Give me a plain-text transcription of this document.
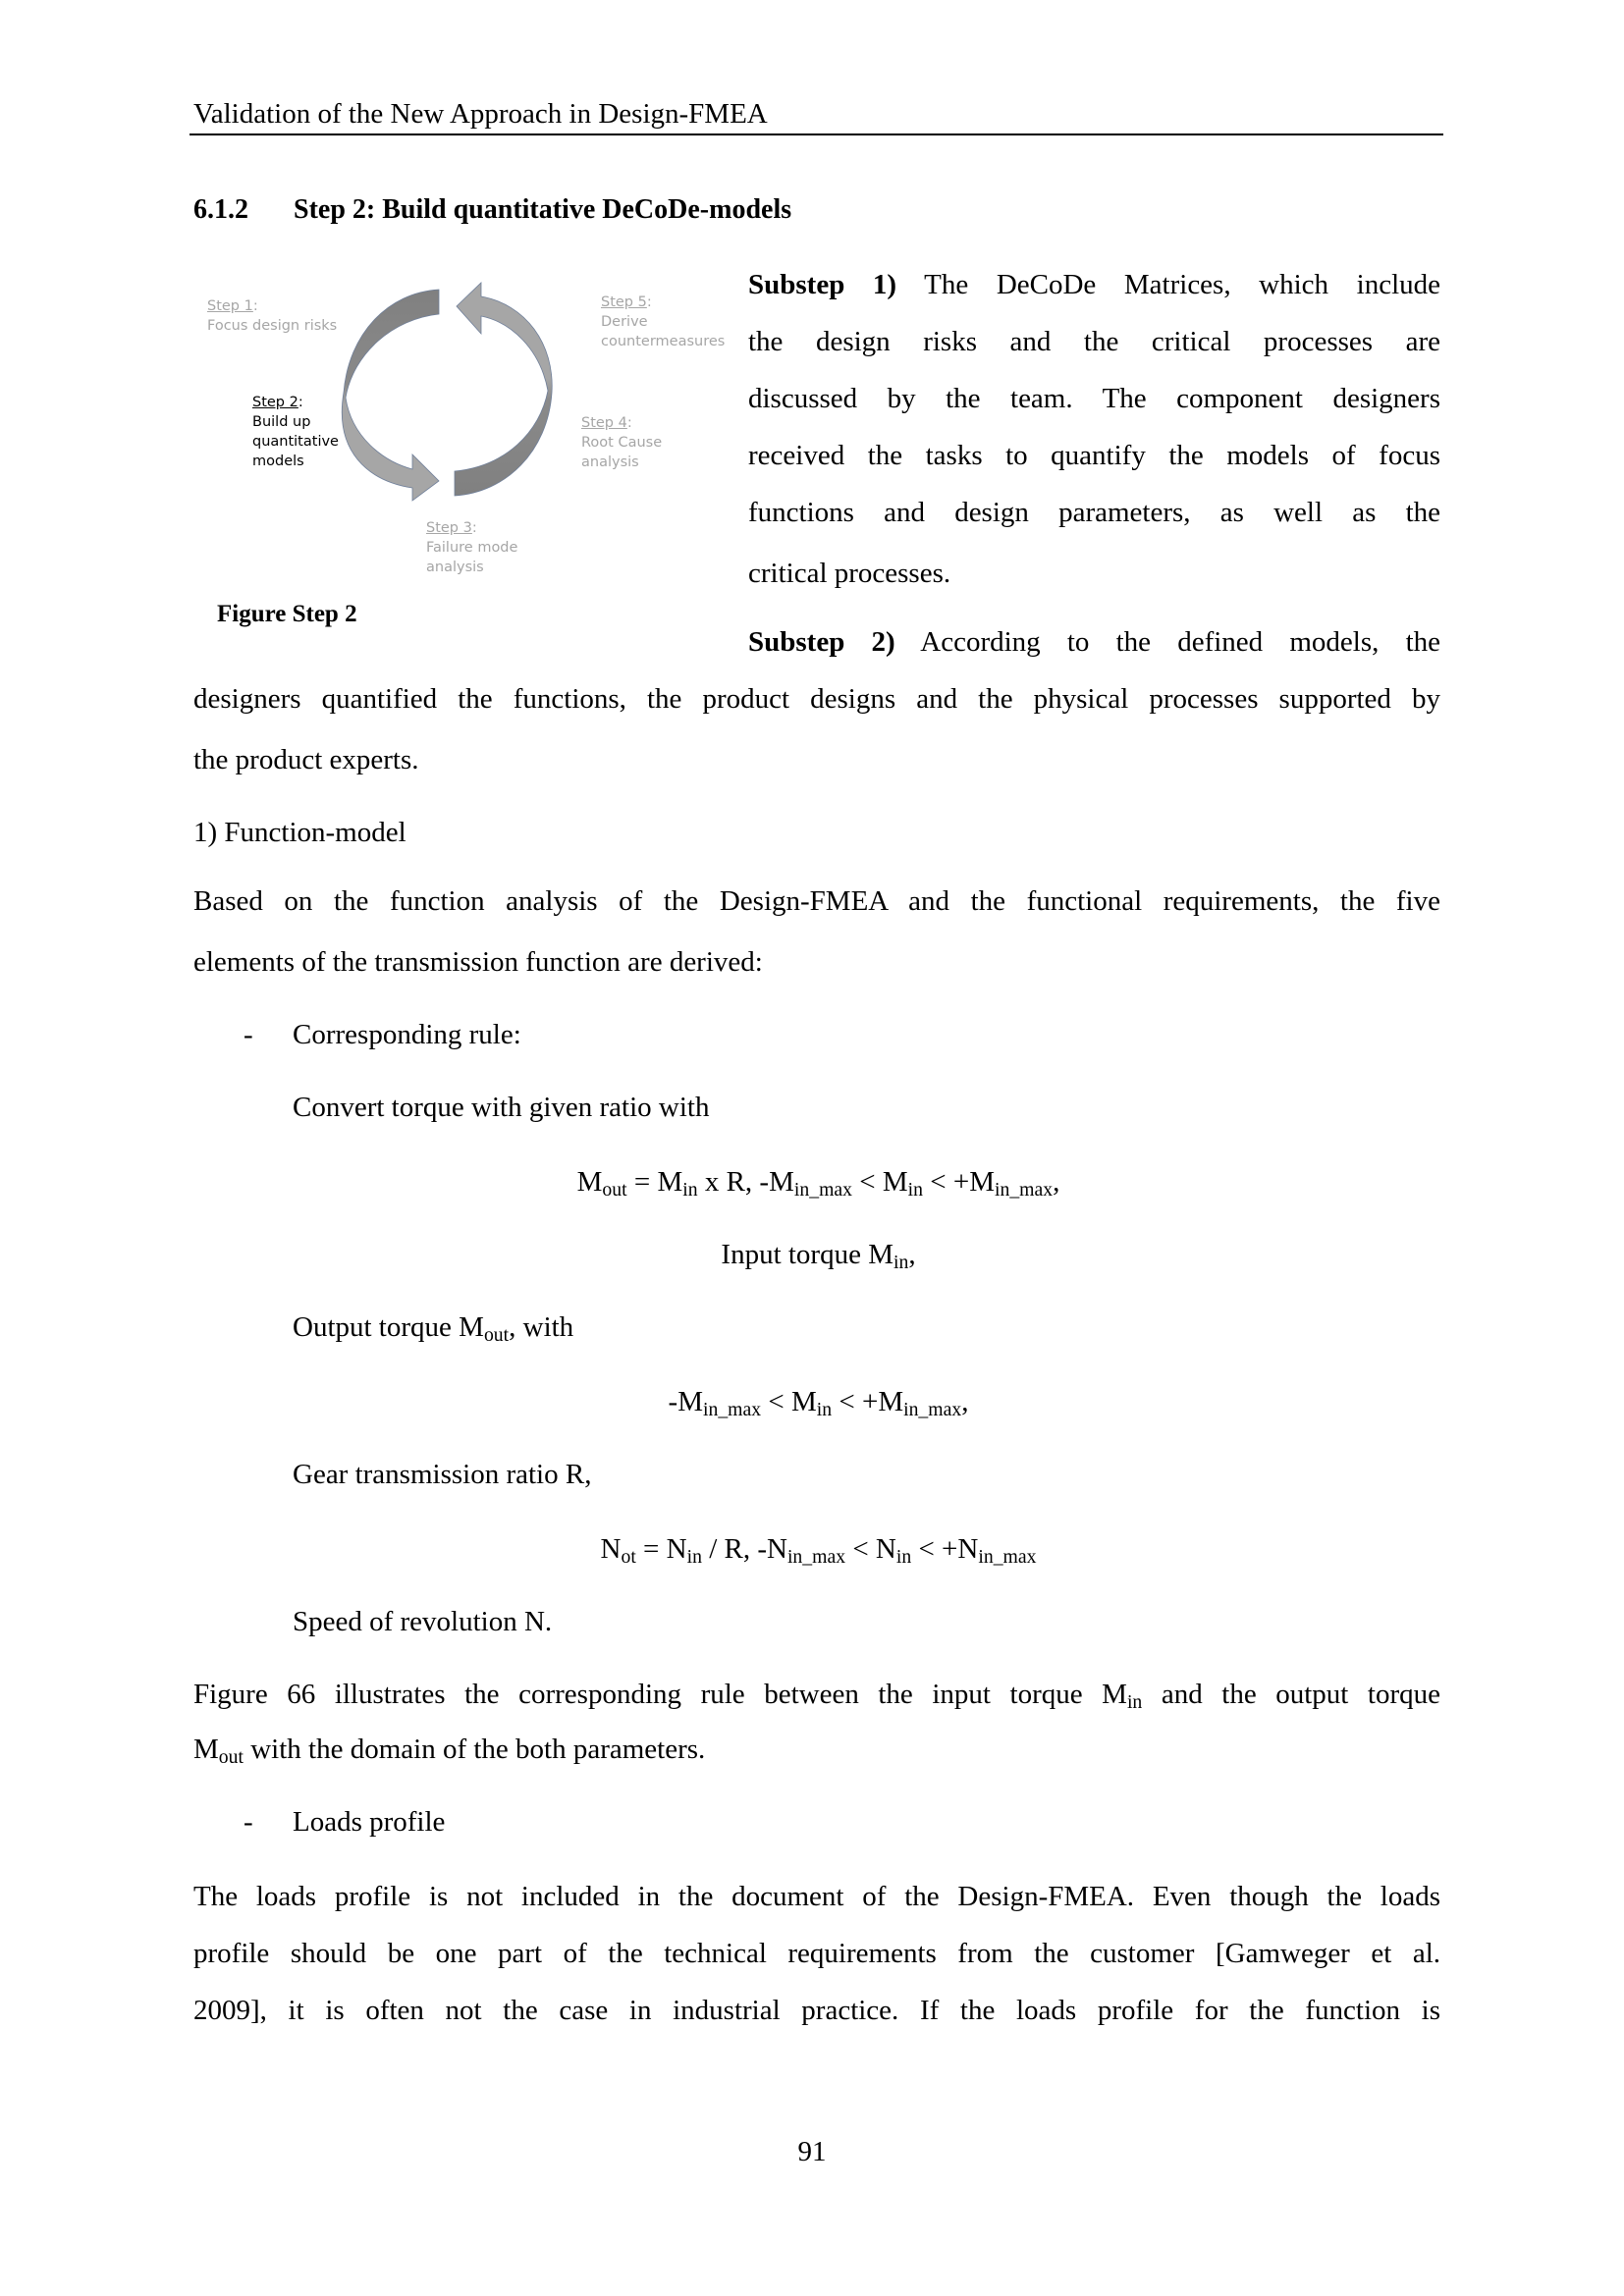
Validation of the New Approach in Design-FMEA
6.1.2 Step 2: Build quantitative DeCoDe-models
Step 1:
Focus design risks
Step 2:
Build up
quantitative
models
Step 3:
Failure mode
analysis
Step 4:
Root Cause
analysis
Step 5:
Derive
countermeasures
Figure Step 2
Substep 1) The DeCoDe Matrices, which include
the design risks and the critical processes are
discussed by the team. The component designers
received the tasks to quantify the models of focus
functions and design parameters, as well as the
critical processes.
Substep 2) According to the defined models, the
designers quantified the functions, the product designs and the physical processes supported by
the product experts.
1) Function-model
Based on the function analysis of the Design-FMEA and the functional requirements, the five
elements of the transmission function are derived:
- Corresponding rule:
Convert torque with given ratio with
$M_{out} = M_{in}$ x R, $-M_{in\_max} < M_{in} < +M_{in\_max}$,
Input torque $M_{in}$,
Output torque $M_{out}$, with
$-M_{in\_max} < M_{in} < +M_{in\_max}$,
Gear transmission ratio R,
$N_{ot} = N_{in} / R$, $-N_{in\_max} < N_{in} < +N_{in\_max}$
Speed of revolution N.
Figure 66 illustrates the corresponding rule between the input torque $M_{in}$ and the output torque
$M_{out}$ with the domain of the both parameters.
- Loads profile
The loads profile is not included in the document of the Design-FMEA. Even though the loads
profile should be one part of the technical requirements from the customer [Gamweger et al.
2009], it is often not the case in industrial practice. If the loads profile for the function is
91
